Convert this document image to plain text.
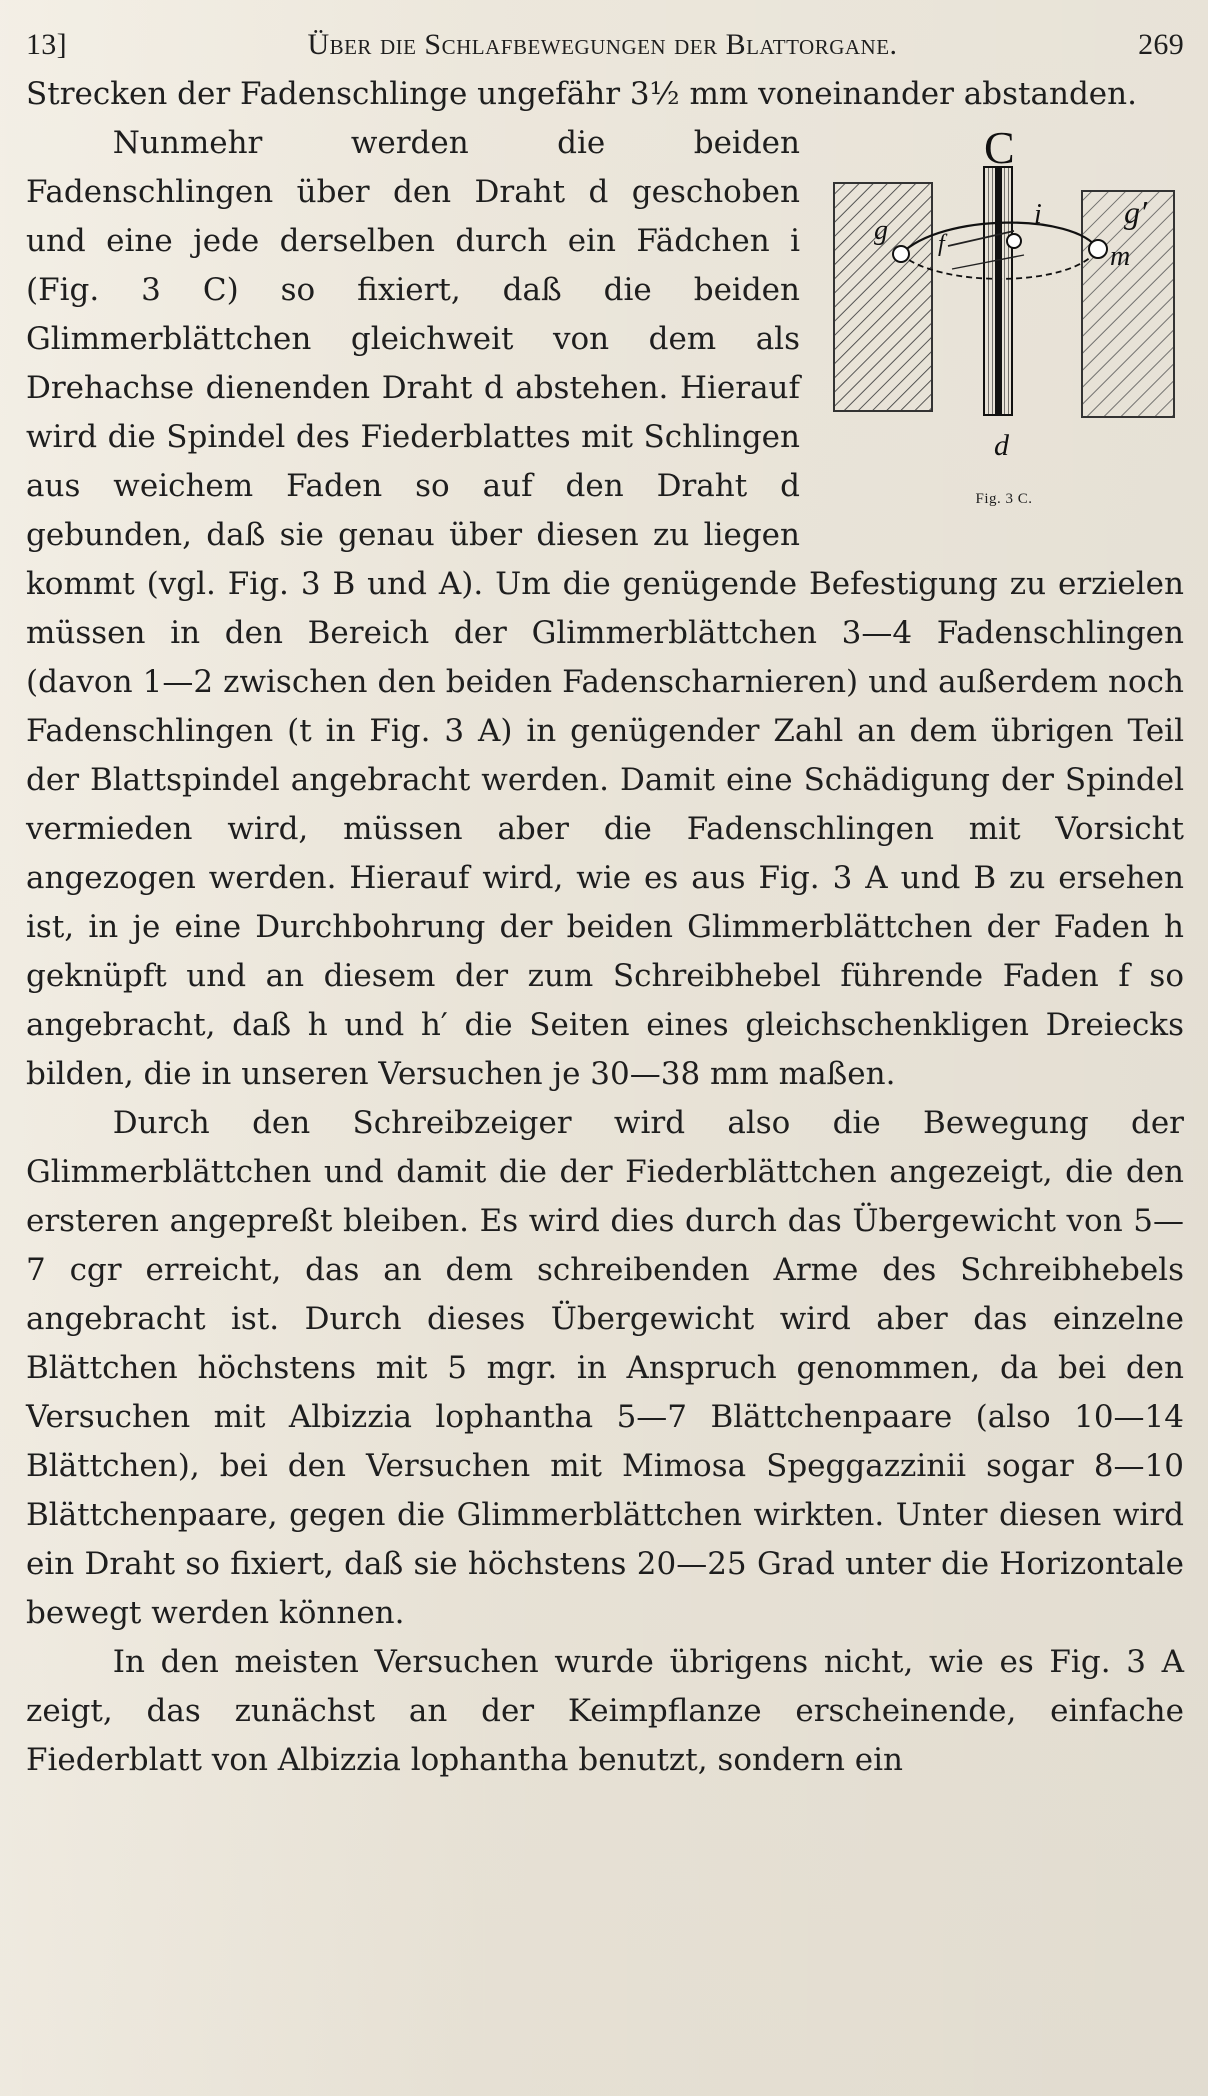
13]	Über die Schlafbewegungen der Blattorgane.	269

Strecken der Fadenschlinge ungefähr 3½ mm voneinander abstanden.

C
g
g′
i
f	m
d
Fig. 3 C.

Nunmehr werden die beiden Fadenschlingen über den Draht d geschoben und eine jede derselben durch ein Fädchen i (Fig. 3 C) so fixiert, daß die beiden Glimmerblättchen gleichweit von dem als Drehachse dienenden Draht d abstehen. Hierauf wird die Spindel des Fiederblattes mit Schlingen aus weichem Faden so auf den Draht d gebunden, daß sie genau über diesen zu liegen kommt (vgl. Fig. 3 B und A). Um die genügende Befestigung zu erzielen müssen in den Bereich der Glimmerblättchen 3—4 Fadenschlingen (davon 1—2 zwischen den beiden Fadenscharnieren) und außerdem noch Fadenschlingen (t in Fig. 3 A) in genügender Zahl an dem übrigen Teil der Blattspindel angebracht werden. Damit eine Schädigung der Spindel vermieden wird, müssen aber die Fadenschlingen mit Vorsicht angezogen werden. Hierauf wird, wie es aus Fig. 3 A und B zu ersehen ist, in je eine Durchbohrung der beiden Glimmerblättchen der Faden h geknüpft und an diesem der zum Schreibhebel führende Faden f so angebracht, daß h und h′ die Seiten eines gleichschenkligen Dreiecks bilden, die in unseren Versuchen je 30—38 mm maßen.

Durch den Schreibzeiger wird also die Bewegung der Glimmerblättchen und damit die der Fiederblättchen angezeigt, die den ersteren angepreßt bleiben. Es wird dies durch das Übergewicht von 5—7 cgr erreicht, das an dem schreibenden Arme des Schreibhebels angebracht ist. Durch dieses Übergewicht wird aber das einzelne Blättchen höchstens mit 5 mgr. in Anspruch genommen, da bei den Versuchen mit Albizzia lophantha 5—7 Blättchenpaare (also 10—14 Blättchen), bei den Versuchen mit Mimosa Speggazzinii sogar 8—10 Blättchenpaare, gegen die Glimmerblättchen wirkten. Unter diesen wird ein Draht so fixiert, daß sie höchstens 20—25 Grad unter die Horizontale bewegt werden können.

In den meisten Versuchen wurde übrigens nicht, wie es Fig. 3 A zeigt, das zunächst an der Keimpflanze erscheinende, einfache Fiederblatt von Albizzia lophantha benutzt, sondern ein
